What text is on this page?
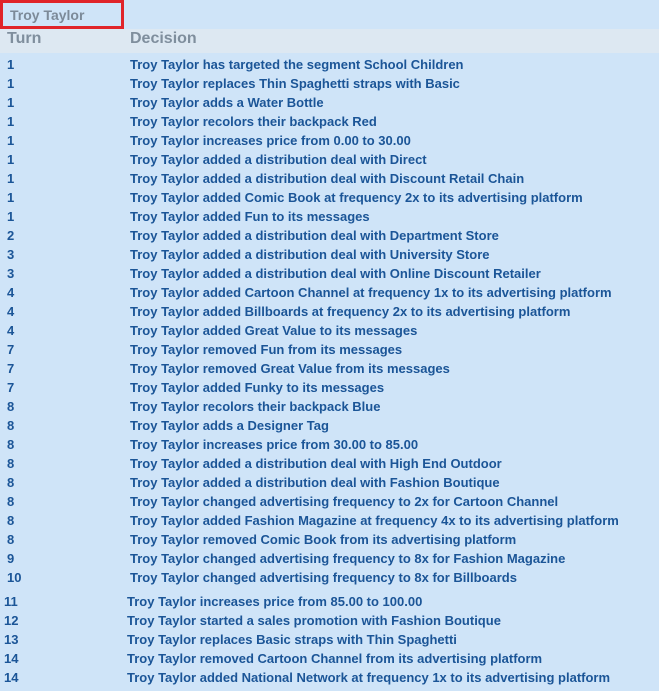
Troy Taylor
Turn	Decision
1	Troy Taylor has targeted the segment School Children
1	Troy Taylor replaces Thin Spaghetti straps with Basic
1	Troy Taylor adds a Water Bottle
1	Troy Taylor recolors their backpack Red
1	Troy Taylor increases price from 0.00 to 30.00
1	Troy Taylor added a distribution deal with Direct
1	Troy Taylor added a distribution deal with Discount Retail Chain
1	Troy Taylor added Comic Book at frequency 2x to its advertising platform
1	Troy Taylor added Fun to its messages
2	Troy Taylor added a distribution deal with Department Store
3	Troy Taylor added a distribution deal with University Store
3	Troy Taylor added a distribution deal with Online Discount Retailer
4	Troy Taylor added Cartoon Channel at frequency 1x to its advertising platform
4	Troy Taylor added Billboards at frequency 2x to its advertising platform
4	Troy Taylor added Great Value to its messages
7	Troy Taylor removed Fun from its messages
7	Troy Taylor removed Great Value from its messages
7	Troy Taylor added Funky to its messages
8	Troy Taylor recolors their backpack Blue
8	Troy Taylor adds a Designer Tag
8	Troy Taylor increases price from 30.00 to 85.00
8	Troy Taylor added a distribution deal with High End Outdoor
8	Troy Taylor added a distribution deal with Fashion Boutique
8	Troy Taylor changed advertising frequency to 2x for Cartoon Channel
8	Troy Taylor added Fashion Magazine at frequency 4x to its advertising platform
8	Troy Taylor removed Comic Book from its advertising platform
9	Troy Taylor changed advertising frequency to 8x for Fashion Magazine
10	Troy Taylor changed advertising frequency to 8x for Billboards
11	Troy Taylor increases price from 85.00 to 100.00
12	Troy Taylor started a sales promotion with Fashion Boutique
13	Troy Taylor replaces Basic straps with Thin Spaghetti
14	Troy Taylor removed Cartoon Channel from its advertising platform
14	Troy Taylor added National Network at frequency 1x to its advertising platform
